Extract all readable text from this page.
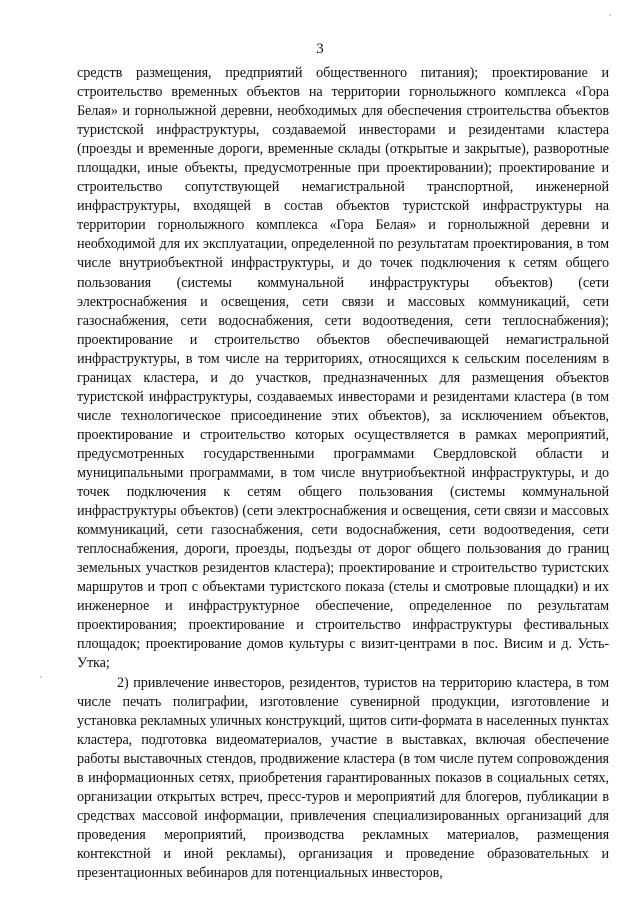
3

средств размещения, предприятий общественного питания); проектирование и строительство временных объектов на территории горнолыжного комплекса «Гора Белая» и горнолыжной деревни, необходимых для обеспечения строительства объектов туристской инфраструктуры, создаваемой инвесторами и резидентами кластера (проезды и временные дороги, временные склады (открытые и закрытые), разворотные площадки, иные объекты, предусмотренные при проектировании); проектирование и строительство сопутствующей немагистральной транспортной, инженерной инфраструктуры, входящей в состав объектов туристской инфраструктуры на территории горнолыжного комплекса «Гора Белая» и горнолыжной деревни и необходимой для их эксплуатации, определенной по результатам проектирования, в том числе внутриобъектной инфраструктуры, и до точек подключения к сетям общего пользования (системы коммунальной инфраструктуры объектов) (сети электроснабжения и освещения, сети связи и массовых коммуникаций, сети газоснабжения, сети водоснабжения, сети водоотведения, сети теплоснабжения); проектирование и строительство объектов обеспечивающей немагистральной инфраструктуры, в том числе на территориях, относящихся к сельским поселениям в границах кластера, и до участков, предназначенных для размещения объектов туристской инфраструктуры, создаваемых инвесторами и резидентами кластера (в том числе технологическое присоединение этих объектов), за исключением объектов, проектирование и строительство которых осуществляется в рамках мероприятий, предусмотренных государственными программами Свердловской области и муниципальными программами, в том числе внутриобъектной инфраструктуры, и до точек подключения к сетям общего пользования (системы коммунальной инфраструктуры объектов) (сети электроснабжения и освещения, сети связи и массовых коммуникаций, сети газоснабжения, сети водоснабжения, сети водоотведения, сети теплоснабжения, дороги, проезды, подъезды от дорог общего пользования до границ земельных участков резидентов кластера); проектирование и строительство туристских маршрутов и троп с объектами туристского показа (стелы и смотровые площадки) и их инженерное и инфраструктурное обеспечение, определенное по результатам проектирования; проектирование и строительство инфраструктуры фестивальных площадок; проектирование домов культуры с визит-центрами в пос. Висим и д. Усть-Утка;

2) привлечение инвесторов, резидентов, туристов на территорию кластера, в том числе печать полиграфии, изготовление сувенирной продукции, изготовление и установка рекламных уличных конструкций, щитов сити-формата в населенных пунктах кластера, подготовка видеоматериалов, участие в выставках, включая обеспечение работы выставочных стендов, продвижение кластера (в том числе путем сопровождения в информационных сетях, приобретения гарантированных показов в социальных сетях, организации открытых встреч, пресс-туров и мероприятий для блогеров, публикации в средствах массовой информации, привлечения специализированных организаций для проведения мероприятий, производства рекламных материалов, размещения контекстной и иной рекламы), организация и проведение образовательных и презентационных вебинаров для потенциальных инвесторов,
